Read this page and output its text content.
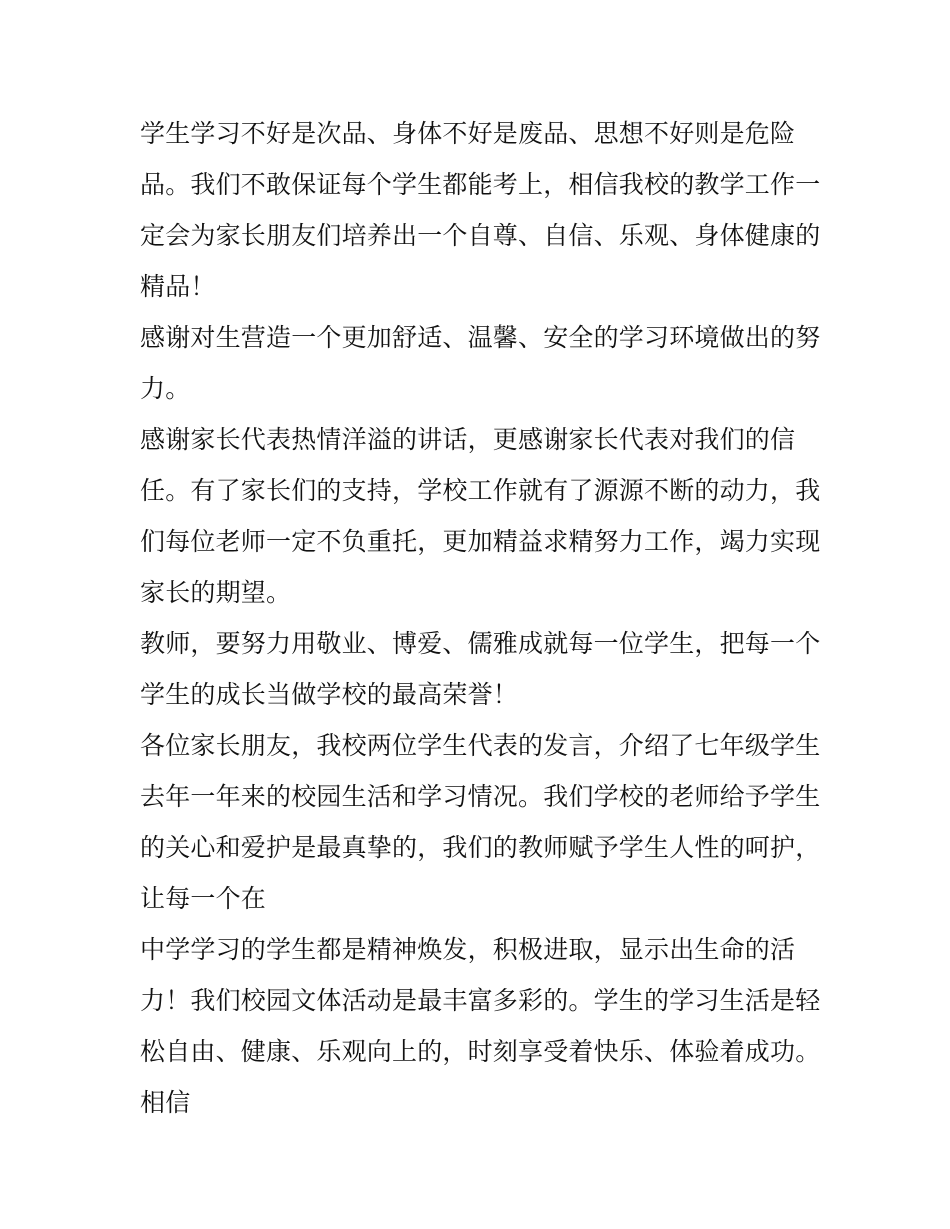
学生学习不好是次品、身体不好是废品、思想不好则是危险
品。我们不敢保证每个学生都能考上，相信我校的教学工作一
定会为家长朋友们培养出一个自尊、自信、乐观、身体健康的
精品！
感谢对生营造一个更加舒适、温馨、安全的学习环境做出的努
力。
感谢家长代表热情洋溢的讲话，更感谢家长代表对我们的信
任。有了家长们的支持，学校工作就有了源源不断的动力，我
们每位老师一定不负重托，更加精益求精努力工作，竭力实现
家长的期望。
教师，要努力用敬业、博爱、儒雅成就每一位学生，把每一个
学生的成长当做学校的最高荣誉！
各位家长朋友，我校两位学生代表的发言，介绍了七年级学生
去年一年来的校园生活和学习情况。我们学校的老师给予学生
的关心和爱护是最真挚的，我们的教师赋予学生人性的呵护，
让每一个在
中学学习的学生都是精神焕发，积极进取，显示出生命的活
力！我们校园文体活动是最丰富多彩的。学生的学习生活是轻
松自由、健康、乐观向上的，时刻享受着快乐、体验着成功。
相信
